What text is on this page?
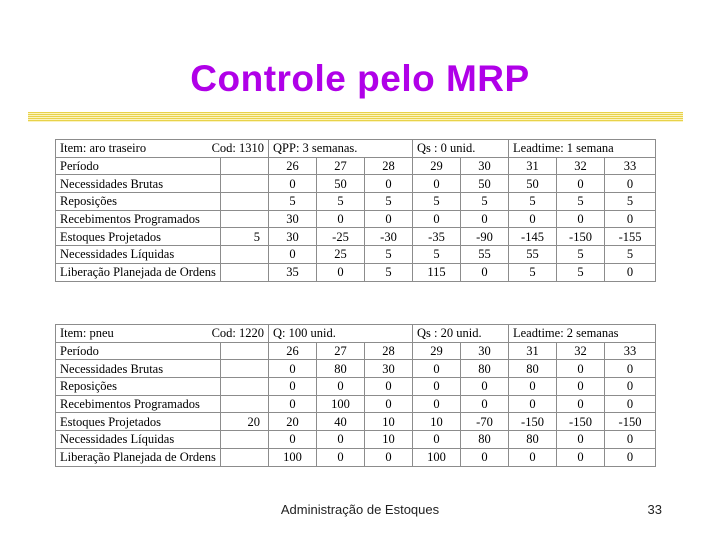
Controle pelo MRP
Item: aro traseiro Cod: 1310		QPP: 3 semanas.			Qs : 0 unid.		Leadtime: 1 semana		
Período		26	27	28	29	30	31	32	33
Necessidades Brutas		0	50	0	0	50	50	0	0
Reposições		5	5	5	5	5	5	5	5
Recebimentos Programados		30	0	0	0	0	0	0	0
Estoques Projetados	5	30	-25	-30	-35	-90	-145	-150	-155
Necessidades Líquidas		0	25	5	5	55	55	5	5
Liberação Planejada de Ordens		35	0	5	115	0	5	5	0
Item: pneu Cod: 1220		Q: 100 unid.			Qs : 20 unid.		Leadtime: 2 semanas		
Período		26	27	28	29	30	31	32	33
Necessidades Brutas		0	80	30	0	80	80	0	0
Reposições		0	0	0	0	0	0	0	0
Recebimentos Programados		0	100	0	0	0	0	0	0
Estoques Projetados	20	20	40	10	10	-70	-150	-150	-150
Necessidades Líquidas		0	0	10	0	80	80	0	0
Liberação Planejada de Ordens		100	0	0	100	0	0	0	0
Administração de Estoques	33
